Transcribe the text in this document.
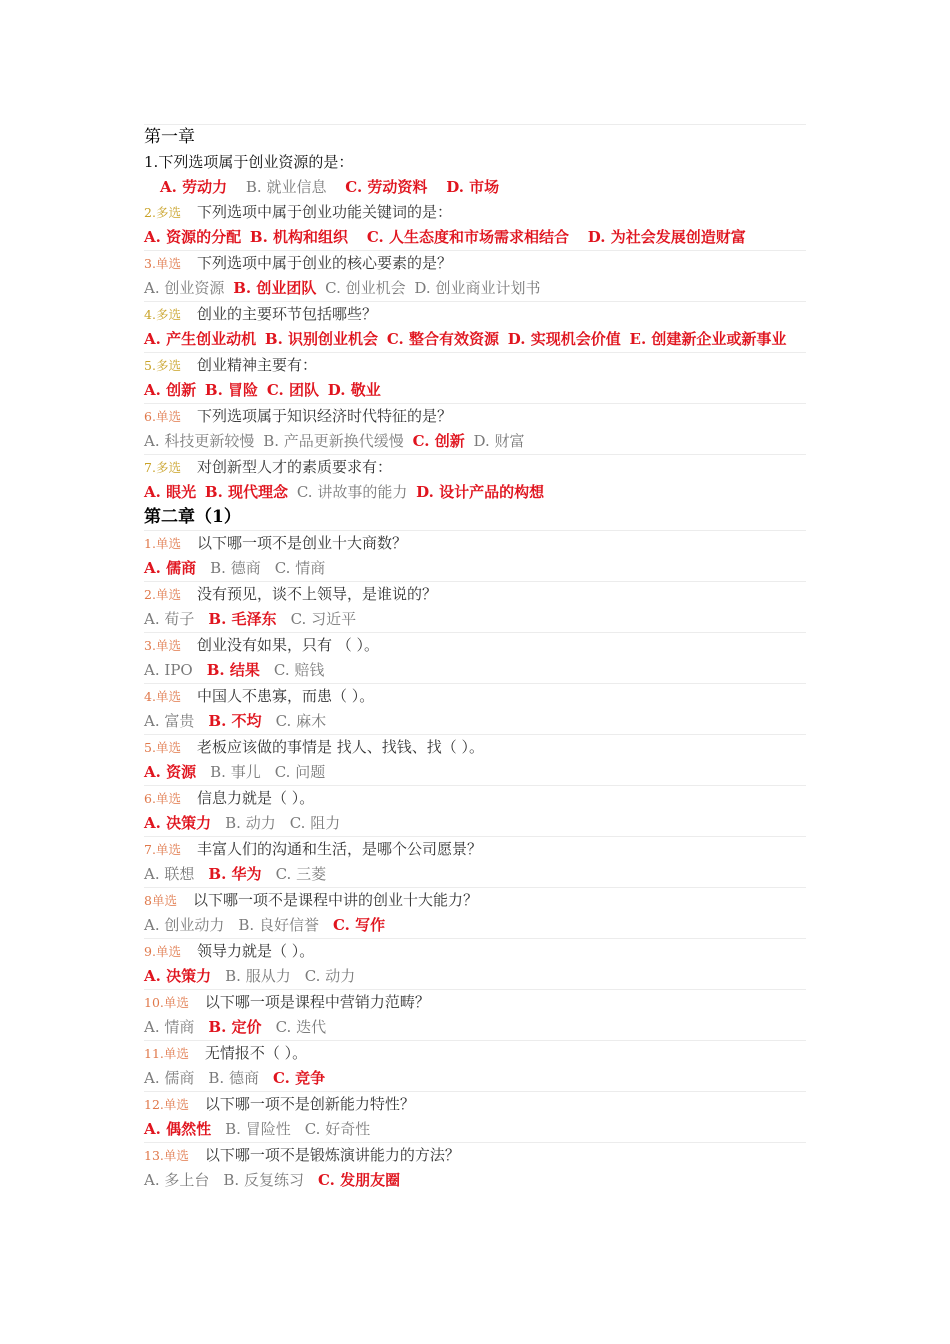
第一章
1.下列选项属于创业资源的是：
A. 劳动力 B. 就业信息 C. 劳动资料 D. 市场
2.多选 下列选项中属于创业功能关键词的是：
A. 资源的分配 B. 机构和组织 C. 人生态度和市场需求相结合 D. 为社会发展创造财富
3.单选 下列选项中属于创业的核心要素的是？
A. 创业资源 B. 创业团队 C. 创业机会 D. 创业商业计划书
4.多选 创业的主要环节包括哪些？
A. 产生创业动机 B. 识别创业机会 C. 整合有效资源 D. 实现机会价值 E. 创建新企业或新事业
5.多选 创业精神主要有：
A. 创新 B. 冒险 C. 团队 D. 敬业
6.单选 下列选项属于知识经济时代特征的是？
A. 科技更新较慢 B. 产品更新换代缓慢 C. 创新 D. 财富
7.多选 对创新型人才的素质要求有：
A. 眼光 B. 现代理念 C. 讲故事的能力 D. 设计产品的构想
第二章（1）
1.单选 以下哪一项不是创业十大商数？
A. 儒商 B. 德商 C. 情商
2.单选 没有预见，谈不上领导，是谁说的？
A. 荀子 B. 毛泽东 C. 习近平
3.单选 创业没有如果，只有 （ ）。
A. IPO B. 结果 C. 赔钱
4.单选 中国人不患寡，而患（ ）。
A. 富贵 B. 不均 C. 麻木
5.单选 老板应该做的事情是 找人、找钱、找（ ）。
A. 资源 B. 事儿 C. 问题
6.单选 信息力就是（ ）。
A. 决策力 B. 动力 C. 阻力
7.单选 丰富人们的沟通和生活，是哪个公司愿景？
A. 联想 B. 华为 C. 三菱
8单选 以下哪一项不是课程中讲的创业十大能力？
A. 创业动力 B. 良好信誉 C. 写作
9.单选 领导力就是（ ）。
A. 决策力 B. 服从力 C. 动力
10.单选 以下哪一项是课程中营销力范畴？
A. 情商 B. 定价 C. 迭代
11.单选 无情报不（ ）。
A. 儒商 B. 德商 C. 竞争
12.单选 以下哪一项不是创新能力特性？
A. 偶然性 B. 冒险性 C. 好奇性
13.单选 以下哪一项不是锻炼演讲能力的方法？
A. 多上台 B. 反复练习 C. 发朋友圈
